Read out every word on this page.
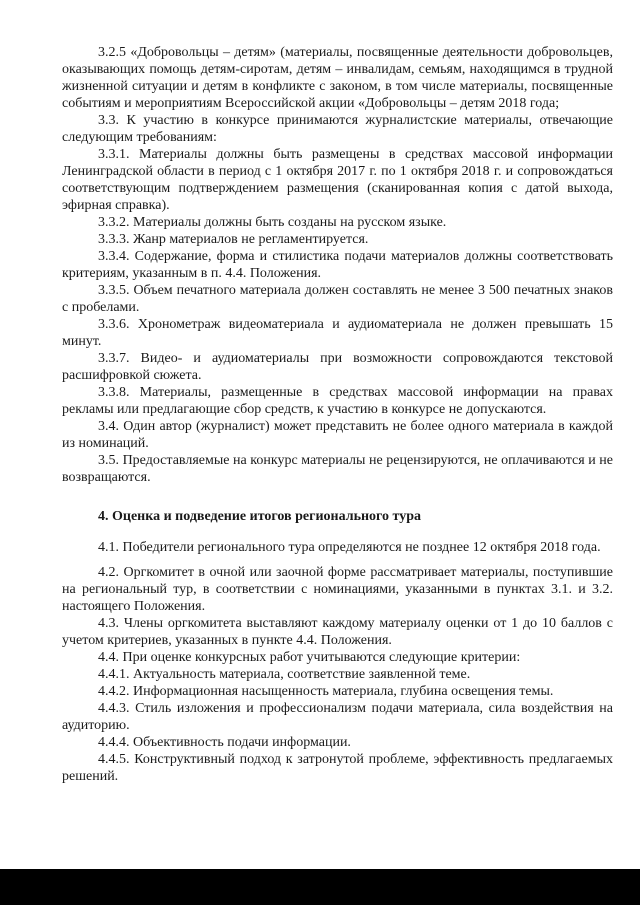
3.2.5 «Добровольцы – детям» (материалы, посвященные деятельности добровольцев, оказывающих помощь детям-сиротам, детям – инвалидам, семьям, находящимся в трудной жизненной ситуации и детям в конфликте с законом, в том числе материалы, посвященные событиям и мероприятиям Всероссийской акции «Добровольцы – детям 2018 года;

3.3. К участию в конкурсе принимаются журналистские материалы, отвечающие следующим требованиям:

3.3.1. Материалы должны быть размещены в средствах массовой информации Ленинградской области в период с 1 октября 2017 г. по 1 октября 2018 г. и сопровождаться соответствующим подтверждением размещения (сканированная копия с датой выхода, эфирная справка).

3.3.2. Материалы должны быть созданы на русском языке.

3.3.3. Жанр материалов не регламентируется.

3.3.4. Содержание, форма и стилистика подачи материалов должны соответствовать критериям, указанным в п. 4.4. Положения.

3.3.5. Объем печатного материала должен составлять не менее 3 500 печатных знаков с пробелами.

3.3.6. Хронометраж видеоматериала и аудиоматериала не должен превышать 15 минут.

3.3.7. Видео- и аудиоматериалы при возможности сопровождаются текстовой расшифровкой сюжета.

3.3.8. Материалы, размещенные в средствах массовой информации на правах рекламы или предлагающие сбор средств, к участию в конкурсе не допускаются.

3.4. Один автор (журналист) может представить не более одного материала в каждой из номинаций.

3.5. Предоставляемые на конкурс материалы не рецензируются, не оплачиваются и не возвращаются.

4. Оценка и подведение итогов регионального тура

4.1. Победители регионального тура определяются не позднее 12 октября 2018 года.

4.2. Оргкомитет в очной или заочной форме рассматривает материалы, поступившие на региональный тур, в соответствии с номинациями, указанными в пунктах 3.1. и 3.2. настоящего Положения.

4.3. Члены оргкомитета выставляют каждому материалу оценки от 1 до 10 баллов с учетом критериев, указанных в пункте 4.4. Положения.

4.4. При оценке конкурсных работ учитываются следующие критерии:

4.4.1. Актуальность материала, соответствие заявленной теме.

4.4.2. Информационная насыщенность материала, глубина освещения темы.

4.4.3. Стиль изложения и профессионализм подачи материала, сила воздействия на аудиторию.

4.4.4. Объективность подачи информации.

4.4.5. Конструктивный подход к затронутой проблеме, эффективность предлагаемых решений.
